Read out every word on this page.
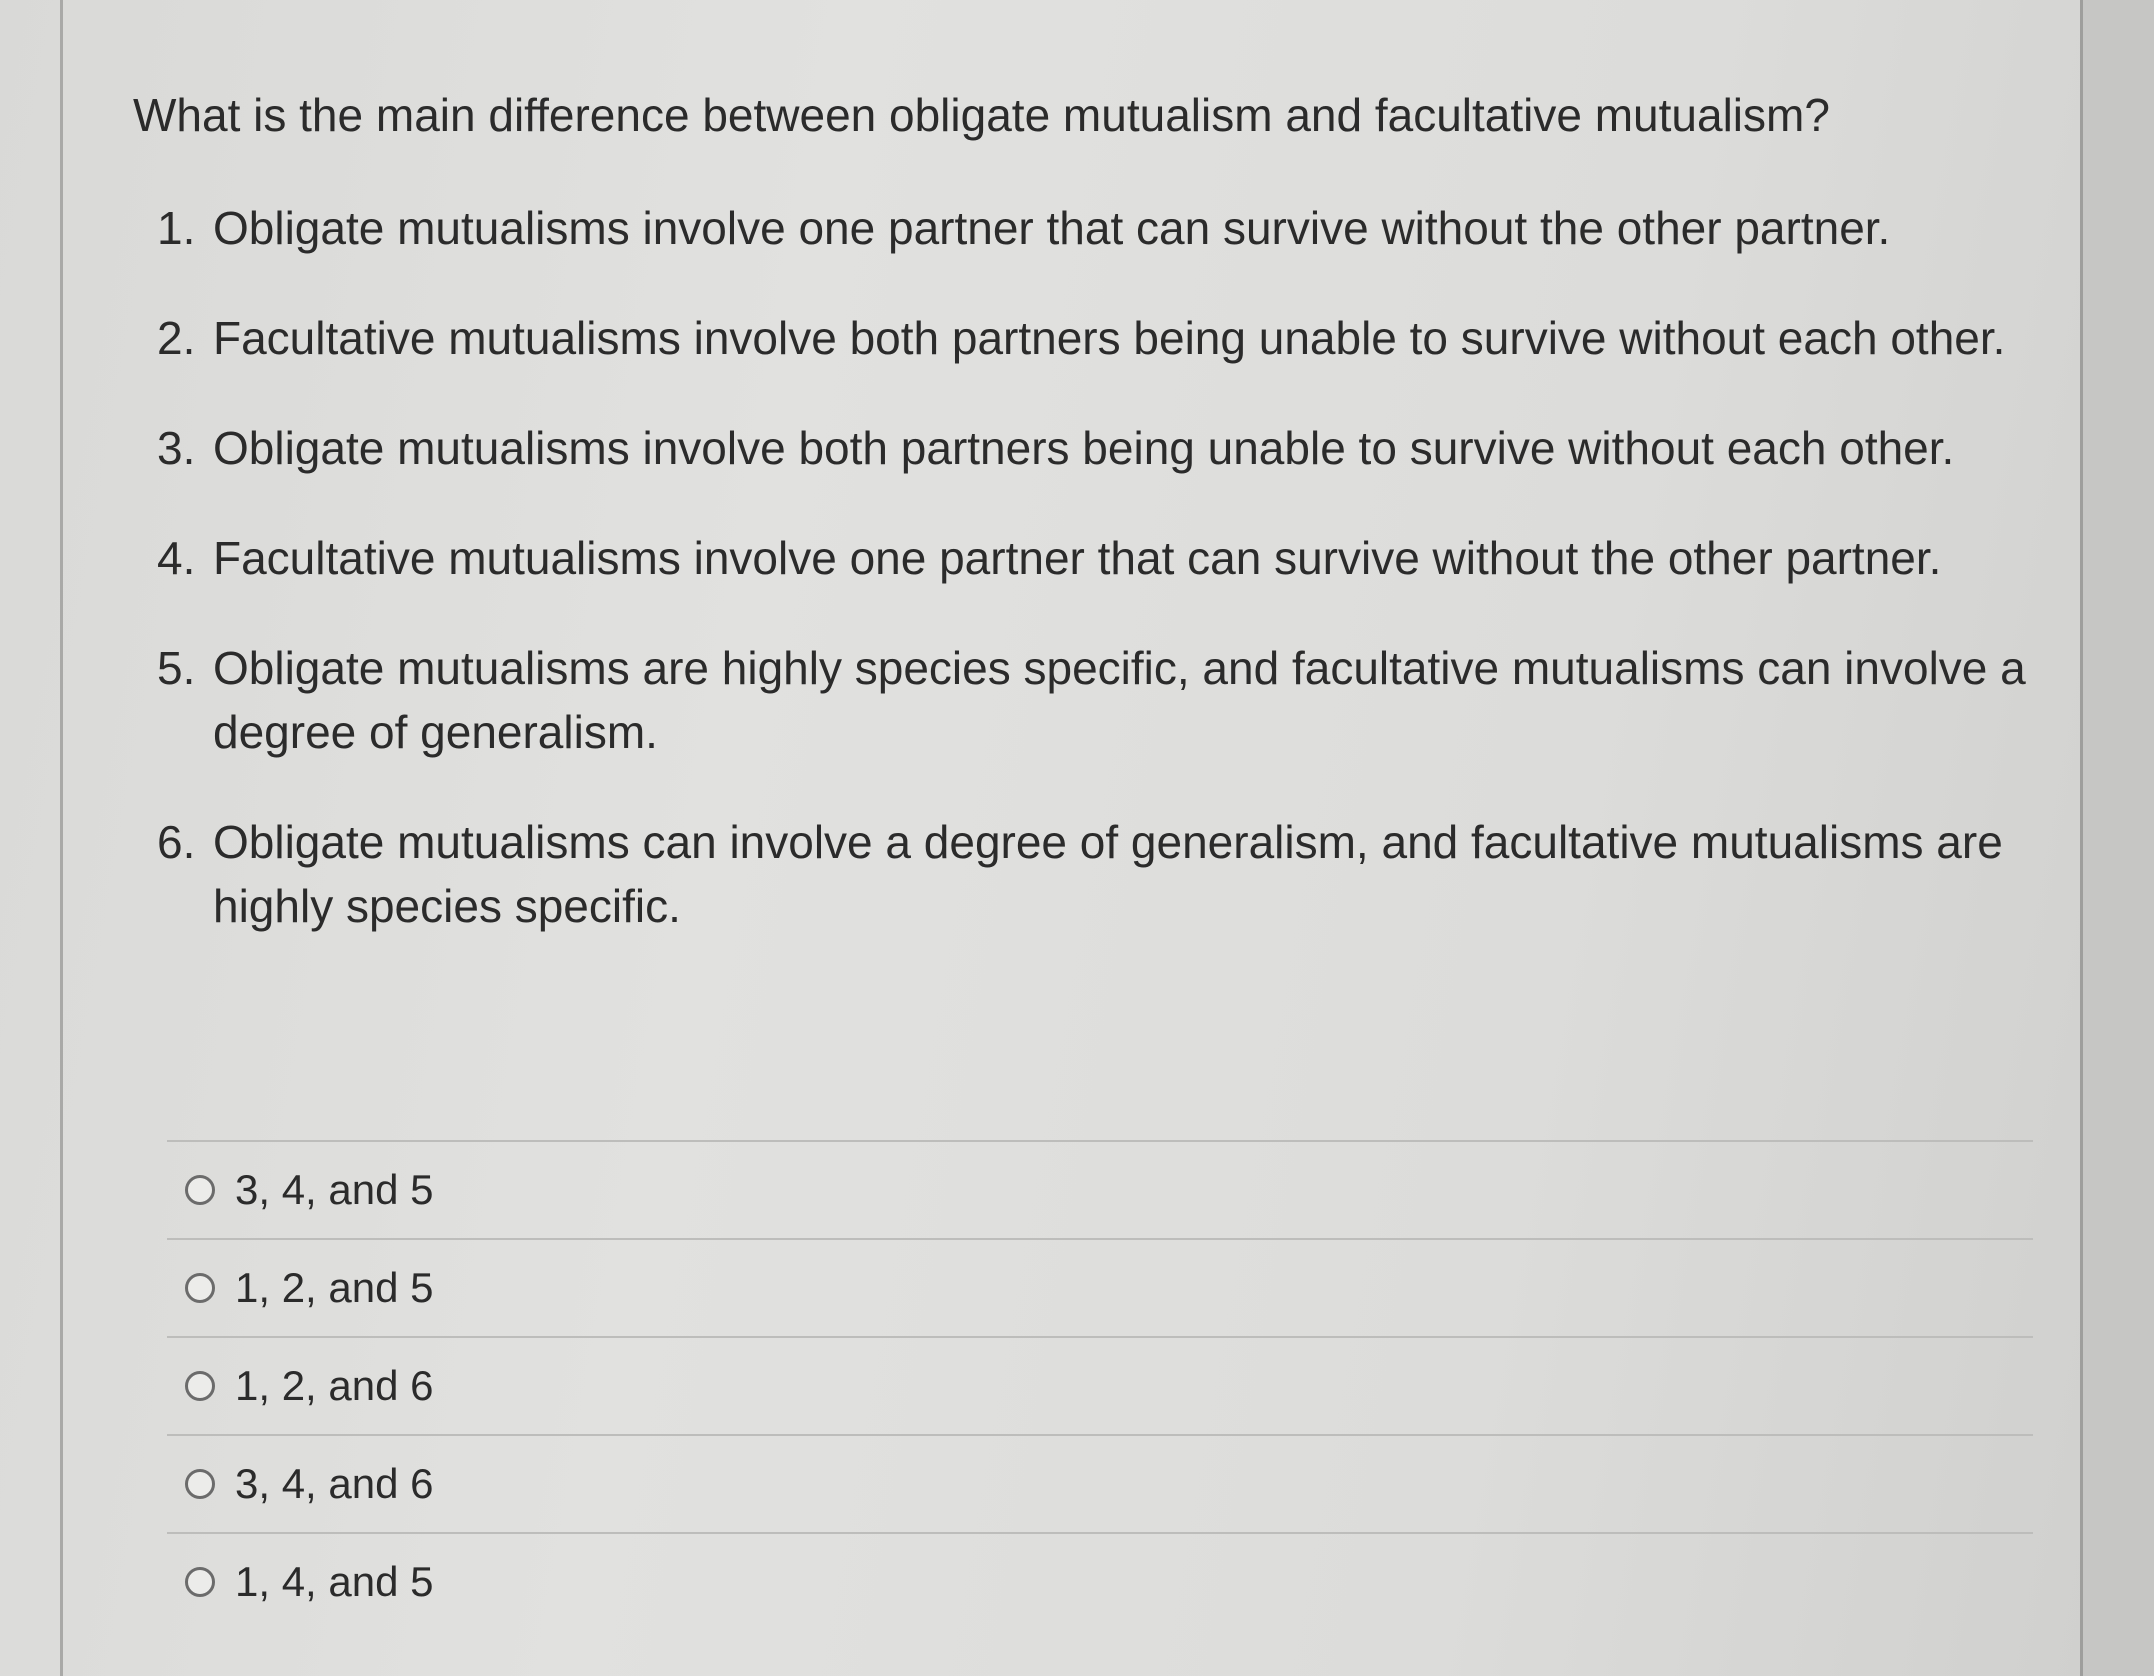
What is the main difference between obligate mutualism and facultative mutualism?
1. Obligate mutualisms involve one partner that can survive without the other partner.
2. Facultative mutualisms involve both partners being unable to survive without each other.
3. Obligate mutualisms involve both partners being unable to survive without each other.
4. Facultative mutualisms involve one partner that can survive without the other partner.
5. Obligate mutualisms are highly species specific, and facultative mutualisms can involve a degree of generalism.
6. Obligate mutualisms can involve a degree of generalism, and facultative mutualisms are highly species specific.
3, 4, and 5
1, 2, and 5
1, 2, and 6
3, 4, and 6
1, 4, and 5
